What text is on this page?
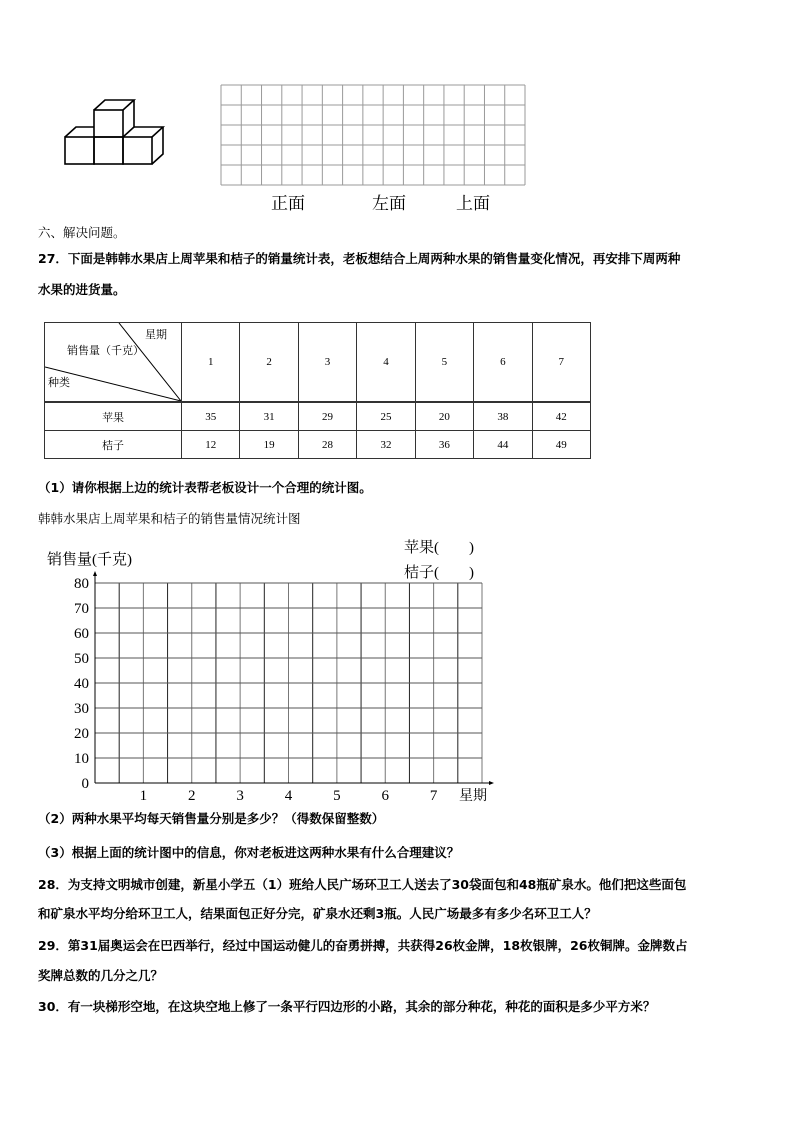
正面	左面	上面
六、解决问题。
27．下面是韩韩水果店上周苹果和桔子的销量统计表，老板想结合上周两种水果的销售量变化情况，再安排下周两种
水果的进货量。
星期
销售量（千克）
种类	1	2	3	4	5	6	7
苹果	35	31	29	25	20	38	42
桔子	12	19	28	32	36	44	49
（1）请你根据上边的统计表帮老板设计一个合理的统计图。
韩韩水果店上周苹果和桔子的销售量情况统计图
销售量(千克)
苹果(　　)
桔子(　　)
0
10
20
30
40
50
60
70
80
1	2	3	4	5	6	7 星期
（2）两种水果平均每天销售量分别是多少？（得数保留整数）
（3）根据上面的统计图中的信息，你对老板进这两种水果有什么合理建议？
28．为支持文明城市创建，新星小学五（1）班给人民广场环卫工人送去了30袋面包和48瓶矿泉水。他们把这些面包
和矿泉水平均分给环卫工人，结果面包正好分完，矿泉水还剩3瓶。人民广场最多有多少名环卫工人？
29．第31届奥运会在巴西举行，经过中国运动健儿的奋勇拼搏，共获得26枚金牌，18枚银牌，26枚铜牌。金牌数占
奖牌总数的几分之几？
30．有一块梯形空地，在这块空地上修了一条平行四边形的小路，其余的部分种花，种花的面积是多少平方米？
